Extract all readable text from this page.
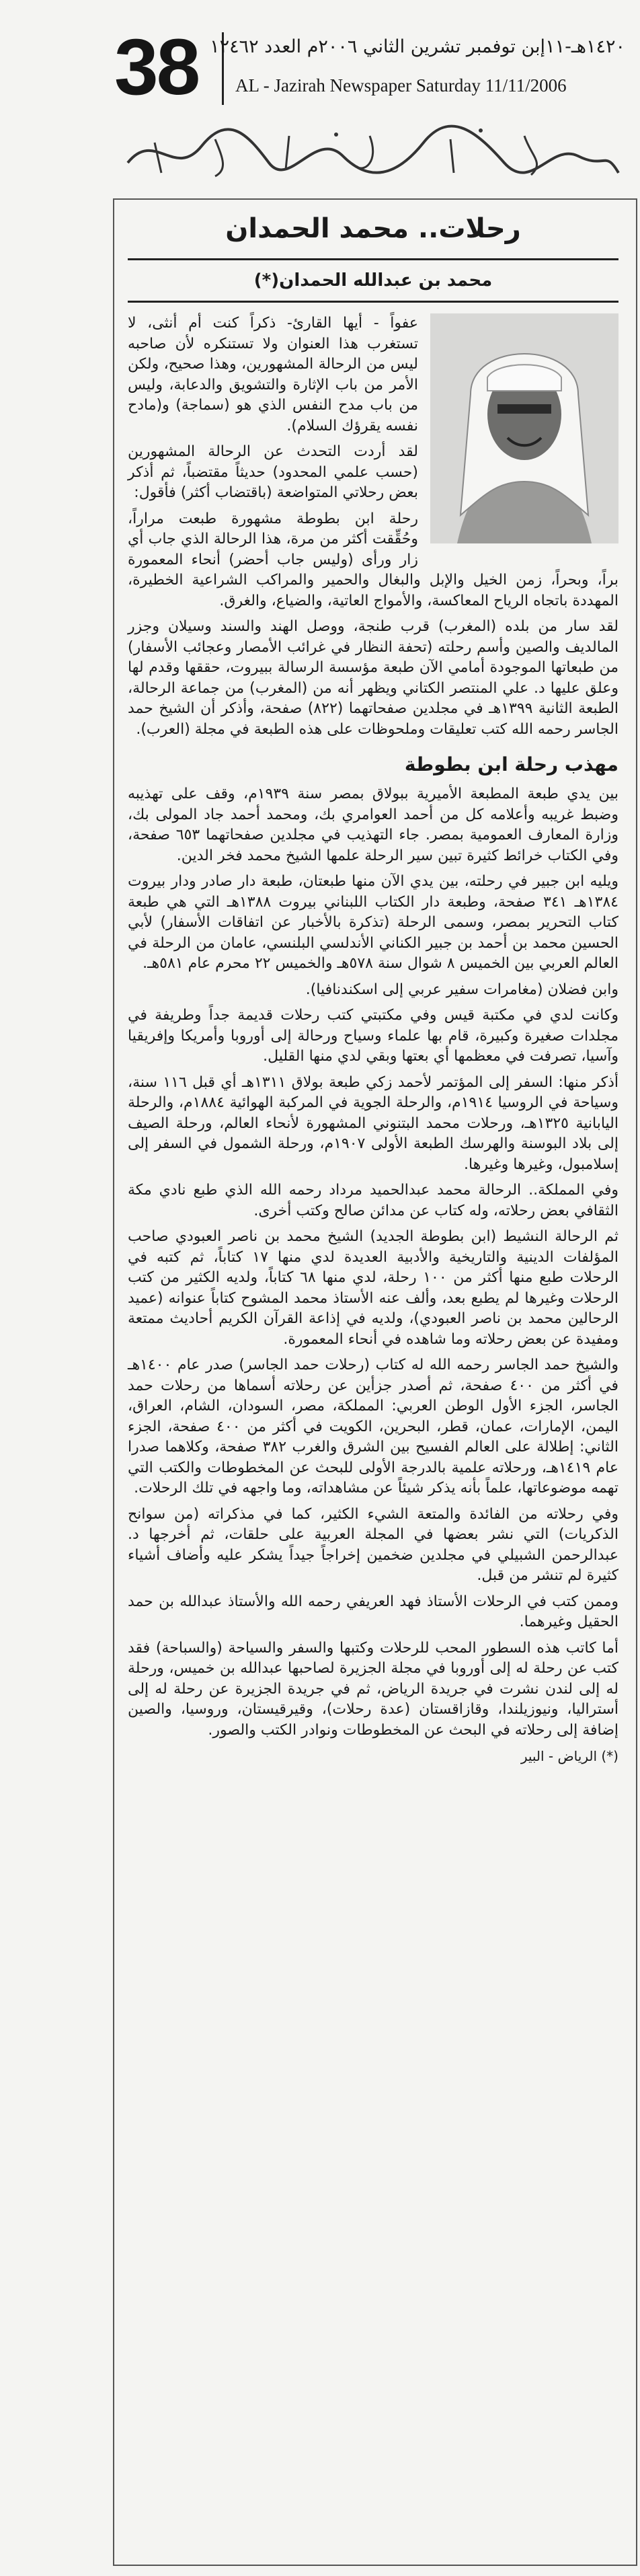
38 ١٤٢٠هـ-١١إبن توفمبر تشرين الثاني ٢٠٠٦م العدد ١٢٤٦٢
AL - Jazirah Newspaper Saturday 11/11/2006
رحلات.. محمد الحمدان
محمد بن عبدالله الحمدان(*)

عفواً - أيها القارئ- ذكراً كنت أم أنثى، لا تستغرب هذا العنوان ولا تستنكره لأن صاحبه ليس من الرحالة المشهورين، وهذا صحيح، ولكن الأمر من باب الإثارة والتشويق والدعابة، وليس من باب مدح النفس الذي هو (سماجة) و(مادح نفسه يقرؤك السلام).

لقد أردت التحدث عن الرحالة المشهورين (حسب علمي المحدود) حديثاً مقتضباً، ثم أذكر بعض رحلاتي المتواضعة (باقتضاب أكثر) فأقول:

رحلة ابن بطوطة مشهورة طبعت مراراً، وحُقِّقت أكثر من مرة، هذا الرحالة الذي جاب أي زار ورأى (وليس جاب أحضر) أنحاء المعمورة براً، وبحراً، زمن الخيل والإبل والبغال والحمير والمراكب الشراعية الخطيرة، المهددة باتجاه الرياح المعاكسة، والأمواج العاتية، والضياع، والغرق.

لقد سار من بلده (المغرب) قرب طنجة، ووصل الهند والسند وسيلان وجزر المالديف والصين وأسم رحلته (تحفة النظار في غرائب الأمصار وعجائب الأسفار) من طبعاتها الموجودة أمامي الآن طبعة مؤسسة الرسالة ببيروت، حققها وقدم لها وعلق عليها د. علي المنتصر الكتاني ويظهر أنه من (المغرب) من جماعة الرحالة، الطبعة الثانية ١٣٩٩هـ في مجلدين صفحاتهما (٨٢٢) صفحة، وأذكر أن الشيخ حمد الجاسر رحمه الله كتب تعليقات وملحوظات على هذه الطبعة في مجلة (العرب).

مهذب رحلة ابن بطوطة

بين يدي طبعة المطبعة الأميرية ببولاق بمصر سنة ١٩٣٩م، وقف على تهذيبه وضبط غريبه وأعلامه كل من أحمد العوامري بك، ومحمد أحمد جاد المولى بك، وزارة المعارف العمومية بمصر. جاء التهذيب في مجلدين صفحاتهما ٦٥٣ صفحة، وفي الكتاب خرائط كثيرة تبين سير الرحلة علمها الشيخ محمد فخر الدين.

ويليه ابن جبير في رحلته، بين يدي الآن منها طبعتان، طبعة دار صادر ودار بيروت ١٣٨٤هـ ٣٤١ صفحة، وطبعة دار الكتاب اللبناني بيروت ١٣٨٨هـ التي هي طبعة كتاب التحرير بمصر، وسمى الرحلة (تذكرة بالأخبار عن اتفاقات الأسفار) لأبي الحسين محمد بن أحمد بن جبير الكناني الأندلسي البلنسي، عامان من الرحلة في العالم العربي بين الخميس ٨ شوال سنة ٥٧٨هـ والخميس ٢٢ محرم عام ٥٨١هـ.

وابن فضلان (مغامرات سفير عربي إلى اسكندنافيا).

وكانت لدي في مكتبة قيس وفي مكتبتي كتب رحلات قديمة جداً وطريفة في مجلدات صغيرة وكبيرة، قام بها علماء وسياح ورحالة إلى أوروبا وأمريكا وإفريقيا وآسيا، تصرفت في معظمها أي بعتها وبقي لدي منها القليل.

أذكر منها: السفر إلى المؤتمر لأحمد زكي طبعة بولاق ١٣١١هـ أي قبل ١١٦ سنة، وسياحة في الروسيا ١٩١٤م، والرحلة الجوية في المركبة الهوائية ١٨٨٤م، والرحلة اليابانية ١٣٢٥هـ، ورحلات محمد البتنوني المشهورة لأنحاء العالم، ورحلة الصيف إلى بلاد البوسنة والهرسك الطبعة الأولى ١٩٠٧م، ورحلة الشمول في السفر إلى إسلامبول، وغيرها وغيرها.

وفي المملكة.. الرحالة محمد عبدالحميد مرداد رحمه الله الذي طبع نادي مكة الثقافي بعض رحلاته، وله كتاب عن مدائن صالح وكتب أخرى.

ثم الرحالة النشيط (ابن بطوطة الجديد) الشيخ محمد بن ناصر العبودي صاحب المؤلفات الدينية والتاريخية والأدبية العديدة لدي منها ١٧ كتاباً، ثم كتبه في الرحلات طبع منها أكثر من ١٠٠ رحلة، لدي منها ٦٨ كتاباً، ولديه الكثير من كتب الرحلات وغيرها لم يطبع بعد، وألف عنه الأستاذ محمد المشوح كتاباً عنوانه (عميد الرحالين محمد بن ناصر العبودي)، ولديه في إذاعة القرآن الكريم أحاديث ممتعة ومفيدة عن بعض رحلاته وما شاهده في أنحاء المعمورة.

والشيخ حمد الجاسر رحمه الله له كتاب (رحلات حمد الجاسر) صدر عام ١٤٠٠هـ في أكثر من ٤٠٠ صفحة، ثم أصدر جزأين عن رحلاته أسماها من رحلات حمد الجاسر، الجزء الأول الوطن العربي: المملكة، مصر، السودان، الشام، العراق، اليمن، الإمارات، عمان، قطر، البحرين، الكويت في أكثر من ٤٠٠ صفحة، الجزء الثاني: إطلالة على العالم الفسيح بين الشرق والغرب ٣٨٢ صفحة، وكلاهما صدرا عام ١٤١٩هـ، ورحلاته علمية بالدرجة الأولى للبحث عن المخطوطات والكتب التي تهمه موضوعاتها، علماً بأنه يذكر شيئاً عن مشاهداته، وما واجهه في تلك الرحلات.

وفي رحلاته من الفائدة والمتعة الشيء الكثير، كما في مذكراته (من سوانح الذكريات) التي نشر بعضها في المجلة العربية على حلقات، ثم أخرجها د. عبدالرحمن الشبيلي في مجلدين ضخمين إخراجاً جيداً يشكر عليه وأضاف أشياء كثيرة لم تنشر من قبل.

وممن كتب في الرحلات الأستاذ فهد العريفي رحمه الله والأستاذ عبدالله بن حمد الحقيل وغيرهما.

أما كاتب هذه السطور المحب للرحلات وكتبها والسفر والسياحة (والسباحة) فقد كتب عن رحلة له إلى أوروبا في مجلة الجزيرة لصاحبها عبدالله بن خميس، ورحلة له إلى لندن نشرت في جريدة الرياض، ثم في جريدة الجزيرة عن رحلة له إلى أستراليا، ونيوزيلندا، وقازاقستان (عدة رحلات)، وقيرقيستان، وروسيا، والصين إضافة إلى رحلاته في البحث عن المخطوطات ونوادر الكتب والصور.

(*) الرياض - البير
